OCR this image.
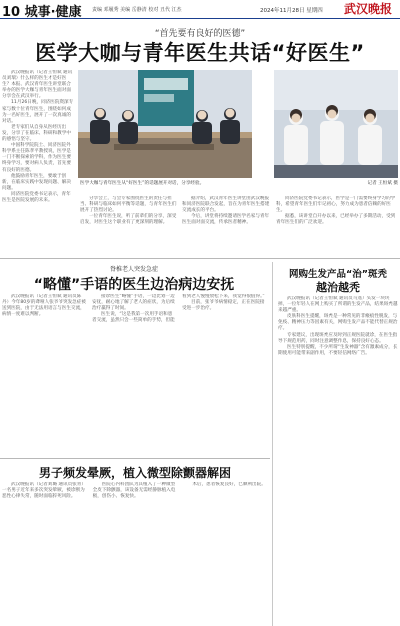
10 城事·健康 责编 邓履秀 美编 岳静清 校对 丑代 江杰	2024年11月28日 星期四 武汉晚报
“首先要有良好的医德”
医学大咖与青年医生共话“好医生”

武汉晚报讯（记者王恒斌 通讯员刘瑞）什么样的医生才是好医生？本报、武汉青年医生讲堂联合举办的医学大咖与青年医生面对面分享会在武汉举行。

11月26日晚，同济医院资深专家与数十位青年医生，围绕如何成为一名好医生，展开了一次真诚的对话。

老专家们从自身从医经历出发，分享了在临床、科研和教学中的感悟与坚守。

中国科学院院士、同济医院外科学系主任陈孝平教授说，医学是一门不断探索的学科，作为医生要终身学习，要对病人负责，首先要有良好的医德。

他鼓励青年医生，要敢于创新，在临床实践中发现问题、解决问题。

同济医院党委书记表示，青年医生是医院发展的未来。

医学大咖与青年医生从“好医生”的话题展开对话，分享经验。	记者 王恒斌 摄

分享会上，与会专家围绕医生的责任与担当、科研与临床如何平衡等话题，与青年医生们展开了热烈讨论。

一位青年医生说，听了前辈们的分享，深受启发，对医生这个职业有了更深刻的理解。

据介绍，武汉青年医生讲堂由武汉晚报和同济医院联合发起，旨在为青年医生搭建交流成长的平台。

今后，讲堂将持续邀请医学名家与青年医生面对面交流，传承医者精神。

同济医院党委书记表示，医学是一门需要终身学习的学科，希望青年医生们牢记初心，努力成为患者信赖的好医生。

据悉，该讲堂自开办以来，已经举办了多期活动，受到青年医生们的广泛欢迎。

脊椎老人突发急症
“略懂”手语的医生边治病边安抚

武汉晚报讯（记者王恒斌 通讯员陈丹）今年80岁的聋哑人张爷爷突发急症被送到医院，由于无法用语言与医生交流，病情一度难以判断。

接诊医生“略懂”手语，一边比划一边安抚，耐心地了解了老人的症状，为后续治疗赢得了时间。

医生说，“这是我第一次用手语和患者交流，虽然只会一些简单的手势，但能看到老人慢慢放松下来，我觉得很值得。”

目前，张爷爷病情稳定，正在医院接受进一步治疗。

网购生发产品“治”斑秃
越治越秃

武汉晚报讯（记者王恒斌 通讯员马遥）头发一块块掉，一位年轻人在网上购买了所谓的生发产品，结果斑秃越来越严重。

皮肤科医生提醒，斑秃是一种常见的非瘢痕性脱发，与免疫、精神压力等因素有关，网购生发产品不能代替正规治疗。

专家建议，出现斑秃应及时到正规医院就诊，在医生指导下规范用药，同时注意调整作息，保持良好心态。

医生特别提醒，不少所谓“生发神器”含有激素成分，长期使用可能带来副作用，不要轻信网络广告。

男子频发晕厥，植入微型除颤器解困

武汉晚报讯（记者刘璐 通讯员张青）一名男子近年来多次突发晕厥，被诊断为恶性心律失常，随时面临猝死风险。

医院心内科团队为其植入了一种微型全皮下除颤器，该设备无需经静脉植入电极，创伤小、恢复快。

术后，患者恢复良好，已顺利出院。
